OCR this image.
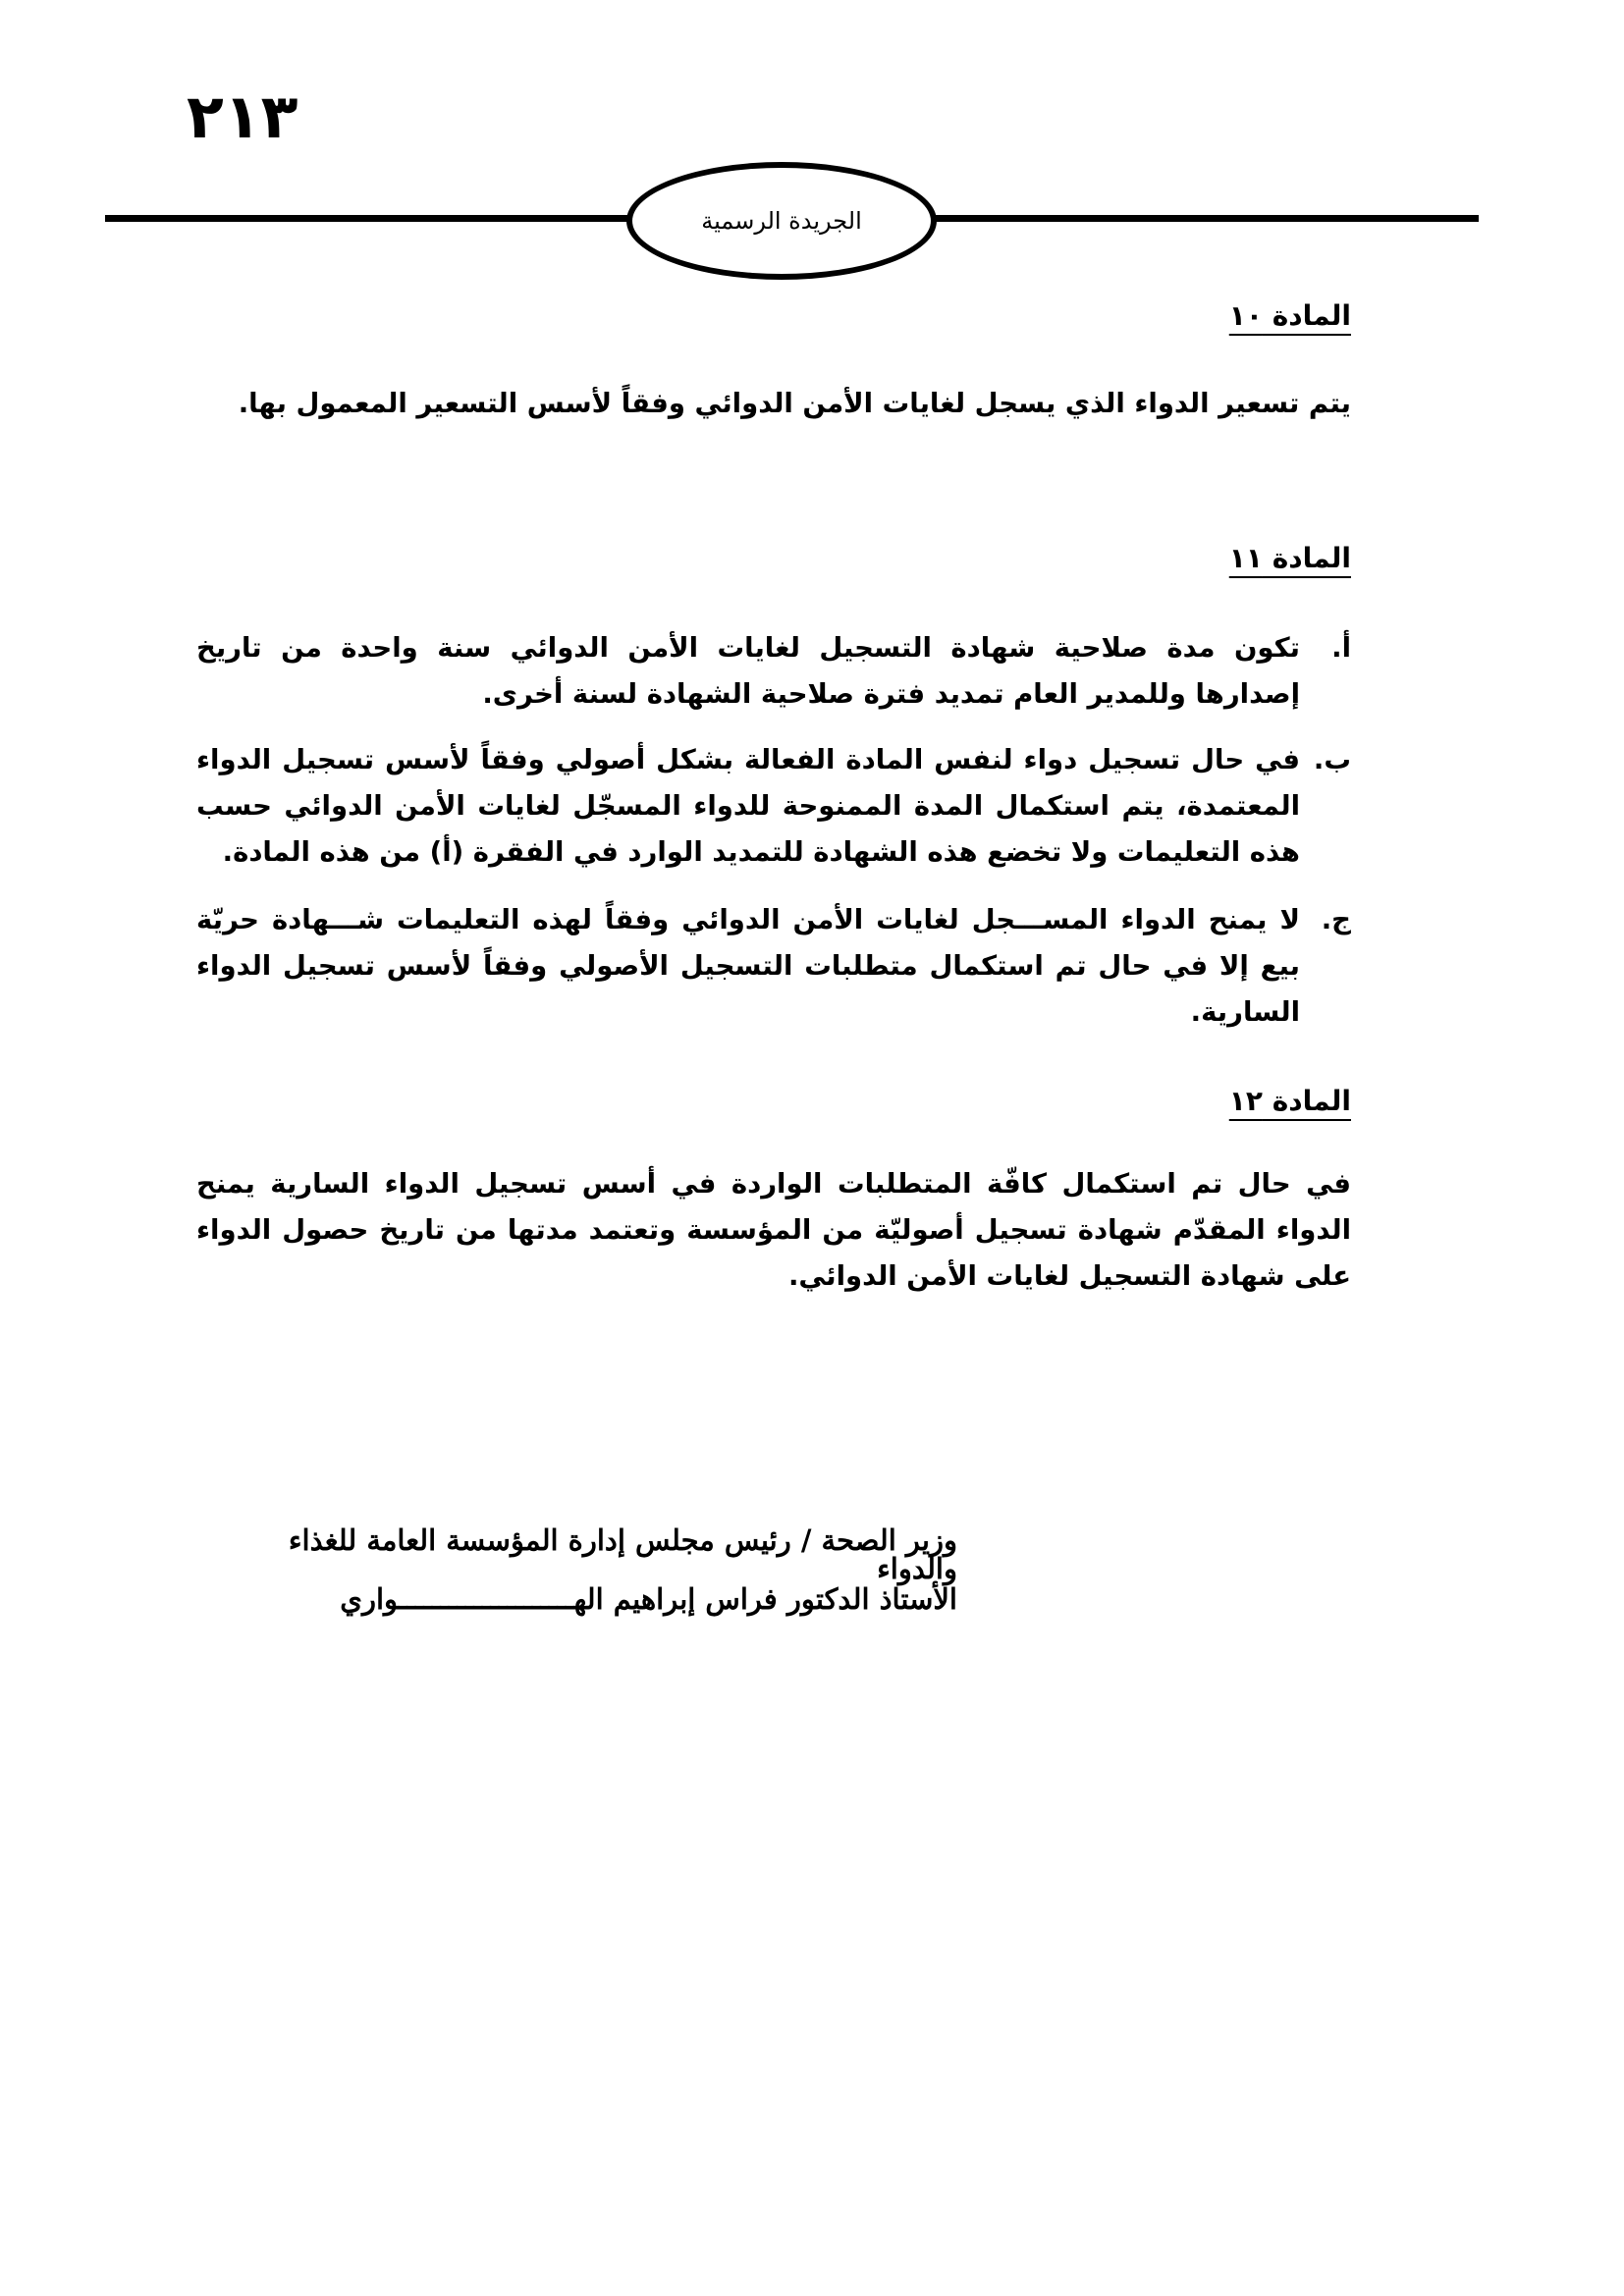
٢١٣
الجريدة الرسمية
المادة ١٠
يتم تسعير الدواء الذي يسجل لغايات الأمن الدوائي وفقاً لأسس التسعير المعمول بها.
المادة ١١
أ.
تكون مدة صلاحية شهادة التسجيل لغايات الأمن الدوائي سنة واحدة من تاريخ إصدارها وللمدير العام تمديد فترة صلاحية الشهادة لسنة أخرى.
ب.
في حال تسجيل دواء لنفس المادة الفعالة بشكل أصولي وفقاً لأسس تسجيل الدواء المعتمدة، يتم استكمال المدة الممنوحة للدواء المسجّل لغايات الأمن الدوائي حسب هذه التعليمات ولا تخضع هذه الشهادة للتمديد الوارد في الفقرة (أ) من هذه المادة.
ج.
لا يمنح الدواء المســـجل لغايات الأمن الدوائي وفقاً لهذه التعليمات شـــهادة حريّة بيع إلا في حال تم استكمال متطلبات التسجيل الأصولي وفقاً لأسس تسجيل الدواء السارية.
المادة ١٢
في حال تم استكمال كافّة المتطلبات الواردة في أسس تسجيل الدواء السارية يمنح الدواء المقدّم شهادة تسجيل أصوليّة من المؤسسة وتعتمد مدتها من تاريخ حصول الدواء على شهادة التسجيل لغايات الأمن الدوائي.
وزير الصحة / رئيس مجلس إدارة المؤسسة العامة للغذاء والدواء
الأستاذ الدكتور فراس إبراهيم الهـــــــــــــــــــــواري
